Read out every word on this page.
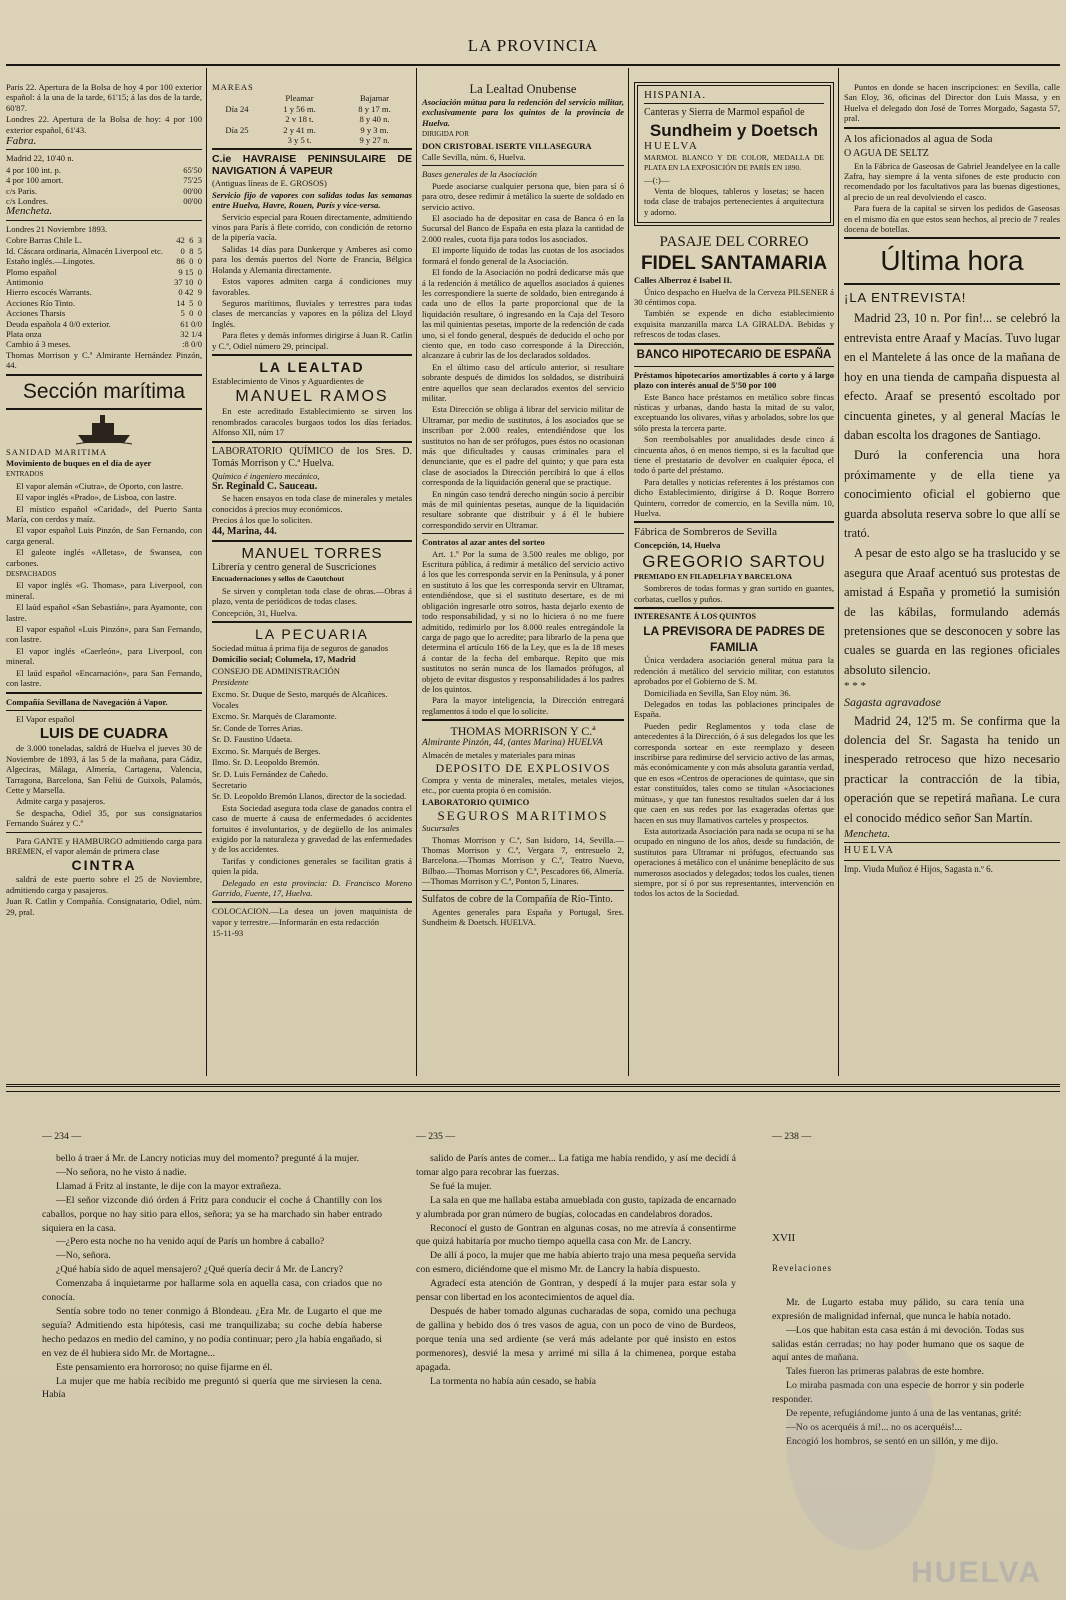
LA PROVINCIA

Paris 22. Apertura de la Bolsa de hoy 4 por 100 exterior español: á la una de la tarde, 61'15; á las dos de la tarde, 60'87.

Londres 22. Apertura de la Bolsa de hoy: 4 por 100 exterior español, 61'43.

Fabra.

Madrid 22, 10'40 n.

4 por 100 int. p.	65'50
4 por 100 amort.	75'25
c/s Paris.	00'00
c/s Londres.	00'00

Mencheta.

Londres 21 Noviembre 1893.

Cobre Barras Chile L.	42  6  3
Id. Cáscara ordinaria, Almacén Liverpool etc. 0  8  5
Estaño inglés.—Lingotes.	86  0  0
Plomo español	9 15  0
Antimonio	37 10  0
Hierro escocés Warrants.	0 42  9
Acciones Río Tinto.	14  5  0
Acciones Tharsis	5  0  0
Deuda española 4 0/0 exterior.	61 0/0
Plata onza	32 1/4
Cambio á 3 meses.	:8 0/0

Thomas Morrison y C.ª Almirante Hernández Pinzón, 44.

Sección marítima

SANIDAD MARITIMA

Movimiento de buques en el día de ayer

ENTRADOS

El vapor alemán «Ciutra», de Oporto, con lastre.

El vapor inglés «Prado», de Lisboa, con lastre.

El místico español «Caridad», del Puerto Santa María, con cerdos y maíz.

El vapor español Luis Pinzón, de San Fernando, con carga general.

El galeote inglés «Alletas», de Swansea, con carbones.

DESPACHADOS

El vapor inglés «G. Thomas», para Liverpool, con mineral.

El laúd español «San Sebastián», para Ayamonte, con lastre.

El vapor español «Luis Pinzón», para San Fernando, con lastre.

El vapor inglés «Caerleón», para Liverpool, con mineral.

El laúd español «Encarnación», para San Fernando, con lastre.

Compañía Sevillana de Navegación á Vapor.

El Vapor español

LUIS DE CUADRA

de 3.000 toneladas, saldrá de Huelva el jueves 30 de Noviembre de 1893, á las 5 de la mañana, para Cádiz, Algeciras, Málaga, Almería, Cartagena, Valencia, Tarragona, Barcelona, San Feliú de Guixols, Palamós, Cette y Marsella.

Admite carga y pasajeros.

Se despacha, Odiel 35, por sus consignatarios Fernando Suárez y C.ª

Para GANTE y HAMBURGO admitiendo carga para BREMEN, el vapor alemán de primera clase

CINTRA

saldrá de este puerto sobre el 25 de Noviembre, admitiendo carga y pasajeros.

Juan R. Catlin y Compañía. Consignatario, Odiel, núm. 29, pral.

MAREAS

Pleamar	Bajamar
Día 24	1 y 56 m.	8 y 17 m.
2 v 18 t.	8 y 40 n.
Día 25	2 y 41 m.	9 y 3 m.
3 y 5 t.	9 y 27 n.

C.ie HAVRAISE PENINSULAIRE DE NAVIGATION Á VAPEUR

(Antiguas líneas de E. GROSOS)

Servicio fijo de vapores con salidas todas las semanas entre Huelva, Havre, Rouen, París y vice-versa.

Servicio especial para Rouen directamente, admitiendo vinos para París á flete corrido, con condición de retorno de la pipería vacía.

Salidas 14 días para Dunkerque y Amberes así como para los demás puertos del Norte de Francia, Bélgica Holanda y Alemania directamente.

Estos vapores admiten carga á condiciones muy favorables.

Seguros marítimos, fluviales y terrestres para todas clases de mercancías y vapores en la póliza del Lloyd Inglés.

Para fletes y demás informes dirigirse á Juan R. Catlin y C.ª, Odiel número 29, principal.

LA LEALTAD

Establecimiento de Vinos y Aguardientes de

MANUEL RAMOS

En este acreditado Establecimiento se sirven los renombrados caracoles burgaos todos los días feriados. Alfonso XII, núm 17

LABORATORIO QUÍMICO de los Sres. D. Tomás Morrison y C.ª Huelva.

Químico é ingeniero mecánico,

Sr. Reginald C. Sauceau.

Se hacen ensayos en toda clase de minerales y metales conocidos á precios muy económicos.

Precios á los que lo soliciten.

44, Marina, 44.

MANUEL TORRES

Librería y centro general de Suscriciones

Encuadernaciones y sellos de Caoutchout

Se sirven y completan toda clase de obras.—Obras á plazo, venta de periódicos de todas clases.

Concepción, 31, Huelva.

LA PECUARIA

Sociedad mútua á prima fija de seguros de ganados

Domicilio social; Columela, 17, Madrid

CONSEJO DE ADMINISTRACIÓN

Presidente

Excmo. Sr. Duque de Sesto, marqués de Alcañices.

Vocales

Excmo. Sr. Marqués de Claramonte.

Sr. Conde de Torres Arias.

Sr. D. Faustino Udaeta.

Excmo. Sr. Marqués de Berges.

Ilmo. Sr. D. Leopoldo Bremón.

Sr. D. Luis Fernández de Cañedo.

Secretario

Sr. D. Leopoldo Bremón Llanos, director de la sociedad.

Esta Sociedad asegura toda clase de ganados contra el caso de muerte á causa de enfermedades ó accidentes fortuitos é involuntarios, y de degüello de los animales exigido por la naturaleza y gravedad de las enfermedades y de los accidentes.

Tarifas y condiciones generales se facilitan gratis á quien la pida.

Delegado en esta provincia: D. Francisco Moreno Garrido, Fuente, 17, Huelva.

COLOCACION.—La desea un joven maquinista de vapor y terrestre.—Informarán en esta redacción

15-11-93

La Lealtad Onubense

Asociación mútua para la redención del servicio militar, exclusivamente para los quintos de la provincia de Huelva.

DIRIGIDA POR

DON CRISTOBAL ISERTE VILLASEGURA

Calle Sevilla, núm. 6, Huelva.

Bases generales de la Asociación

Puede asociarse cualquier persona que, bien para sí ó para otro, desee redimir á metálico la suerte de soldado en servicio activo.

El asociado ha de depositar en casa de Banca ó en la Sucursal del Banco de España en esta plaza la cantidad de 2.000 reales, cuota fija para todos los asociados.

El importe líquido de todas las cuotas de los asociados formará el fondo general de la Asociación.

El fondo de la Asociación no podrá dedicarse más que á la redención á metálico de aquellos asociados á quienes les correspondiere la suerte de soldado, bien entregando á cada uno de ellos la parte proporcional que de la liquidación resultare, ó ingresando en la Caja del Tesoro las mil quinientas pesetas, importe de la redención de cada uno, si el fondo general, después de deducido el ocho por ciento que, en todo caso corresponde á la Dirección, alcanzare á cubrir las de los declarados soldados.

En el último caso del artículo anterior, si resultare sobrante después de dimidos los soldados, se distribuirá entre aquellos que sean declarados exentos del servicio militar.

Esta Dirección se obliga á librar del servicio militar de Ultramar, por medio de sustitutos, á los asociados que se inscriban por 2.000 reales, entendiéndose que los sustitutos no han de ser prófugos, pues éstos no ocasionan más que dificultades y causas criminales para el denunciante, que es el padre del quinto; y que para esta clase de asociados la Dirección percibirá lo que á ellos corresponda de la liquidación general que se practique.

En ningún caso tendrá derecho ningún socio á percibir más de mil quinientas pesetas, aunque de la liquidación resultare sobrante que distribuir y á él le hubiere correspondido servir en Ultramar.

Contratos al azar antes del sorteo

Art. 1.º Por la suma de 3.500 reales me obligo, por Escritura pública, á redimir á metálico del servicio activo á los que les corresponda servir en la Península, y á poner en sustituto á los que les corresponda servir en Ultramar, entendiéndose, que si el sustituto desertare, es de mi obligación ingresarle otro sotros, hasta dejarlo exento de todo responsabilidad, y si no lo hiciera ó no me fuere admitido, redimirlo por los 8.000 reales entregándole la carga de pago que lo acredite; para librarlo de la pena que determina el artículo 166 de la Ley, que es la de 18 meses á contar de la fecha del embarque. Repito que mis sustitutos no serán nunca de los llamados prófugos, al objeto de evitar disgustos y responsabilidades á los padres de los quintos.

Para la mayor inteligencia, la Dirección entregará reglamentos á todo el que lo solicite.

THOMAS MORRISON Y C.ª

Almirante Pinzón, 44, (antes Marina) HUELVA

Almacén de metales y materiales para minas

DEPOSITO DE EXPLOSIVOS

Compra y venta de minerales, metales, metales viejos, etc., por cuenta propia ó en comisión.

LABORATORIO QUIMICO

SEGUROS MARITIMOS

Sucursales

Thomas Morrison y C.ª, San Isidoro, 14, Sevilla.—Thomas Morrison y C.ª, Vergara 7, entresuelo 2, Barcelona.—Thomas Morrison y C.ª, Teatro Nuevo, Bilbao.—Thomas Morrison y C.ª, Pescadores 66, Almería.—Thomas Morrison y C.ª, Ponton 5, Linares.

Sulfatos de cobre de la Compañía de Río-Tinto.

Agentes generales para España y Portugal, Sres. Sundheim & Doetsch. HUELVA.

HISPANIA.

Canteras y Sierra de Marmol español de

Sundheim y Doetsch

HUELVA

MARMOL BLANCO Y DE COLOR, MEDALLA DE PLATA EN LA EXPOSICIÓN DE PARÍS EN 1890.

—(:)—

Venta de bloques, tableros y losetas; se hacen toda clase de trabajos pertenecientes á arquitectura y adorno.

PASAJE DEL CORREO
FIDEL SANTAMARIA

Calles Alberroz é Isabel II.

Único despacho en Huelva de la Cerveza PILSENER á 30 céntimos copa.

También se expende en dicho establecimiento exquisita manzanilla marca LA GIRALDA. Bebidas y refrescos de todas clases.

BANCO HIPOTECARIO DE ESPAÑA

Préstamos hipotecarios amortizables á corto y á largo plazo con interés anual de 5'50 por 100

Este Banco hace préstamos en metálico sobre fincas rústicas y urbanas, dando hasta la mitad de su valor, exceptuando los olivares, viñas y arbolados, sobre los que sólo presta la tercera parte.

Son reembolsables por anualidades desde cinco á cincuenta años, ó en menos tiempo, si es la facultad que tiene el prestatario de devolver en cualquier época, el todo ó parte del préstamo.

Para detalles y noticias referentes á los préstamos con dicho Establecimiento, dirígirse á D. Roque Borrero Quintero, corredor de comercio, en la Sevilla núm. 10, Huelva.

Fábrica de Sombreros de Sevilla

Concepción, 14, Huelva

GREGORIO SARTOU

PREMIADO EN FILADELFIA Y BARCELONA

Sombreros de todas formas y gran surtido en guantes, corbatas, cuellos y puños.

INTERESANTE Á LOS QUINTOS

LA PREVISORA DE PADRES DE FAMILIA

Única verdadera asociación general mútua para la redención á metálico del servicio militar, con estatutos aprobados por el Gobierno de S. M.

Domiciliada en Sevilla, San Eloy núm. 36.

Delegados en todas las poblaciones principales de España.

Pueden pedir Reglamentos y toda clase de antecedentes á la Dirección, ó á sus delegados los que les corresponda sortear en este reemplazo y deseen inscribirse para redimirse del servicio activo de las armas, más económicamente y con más absoluta garantía verdad, que en esos «Centros de operaciones de quintas», que sin estar constituídos, tales como se titulan «Asociaciones mútuas», y que tan funestos resultados suelen dar á los que caen en sus redes por las exageradas ofertas que hacen en sus muy llamativos carteles y prospectos.

Esta autorizada Asociación para nada se ocupa ni se ha ocupado en ninguno de los años, desde su fundación, de sustitutos para Ultramar ni prófugos, efectuando sus operaciones á metálico con el unánime beneplácito de sus numerosos asociados y delegados; todos los cuales, tienen siempre, por sí ó por sus representantes, intervención en todos los actos de la Sociedad.

Puntos en donde se hacen inscripciones: en Sevilla, calle San Eloy, 36, oficinas del Director don Luis Massa, y en Huelva el delegado don José de Torres Morgado, Sagasta 57, pral.

A los aficionados al agua de Soda

O AGUA DE SELTZ

En la Fábrica de Gaseosas de Gabriel Jeandelyee en la calle Zafra, hay siempre á la venta sifones de este producto con recomendado por los facultativos para las buenas digestiones, al precio de un real devolviendo el casco.

Para fuera de la capital se sirven los pedidos de Gaseosas en el mismo día en que estos sean hechos, al precio de 7 reales docena de botellas.

Última hora

¡LA ENTREVISTA!

Madrid 23, 10 n. Por fin!... se celebró la entrevista entre Araaf y Macías. Tuvo lugar en el Mantelete á las once de la mañana de hoy en una tienda de campaña dispuesta al efecto. Araaf se presentó escoltado por cincuenta ginetes, y al general Macías le daban escolta los dragones de Santiago.

Duró la conferencia una hora próximamente y de ella tiene ya conocimiento oficial el gobierno que guarda absoluta reserva sobre lo que allí se trató.

A pesar de esto algo se ha traslucido y se asegura que Araaf acentuó sus protestas de amistad á España y prometió la sumisión de las kábilas, formulando además pretensiones que se desconocen y sobre las cuales se guarda en las regiones oficiales absoluto silencio.

* * *

Sagasta agravadose

Madrid 24, 12'5 m. Se confirma que la dolencia del Sr. Sagasta ha tenido un inesperado retroceso que hizo necesario practicar la contracción de la tibia, operación que se repetirá mañana. Le cura el conocido médico señor San Martín.

Mencheta.

HUELVA

Imp. Viuda Muñoz é Hijos, Sagasta n.º 6.

— 234 —

bello á traer á Mr. de Lancry noticias muy del momento? pregunté á la mujer.

—No señora, no he visto á nadie.

Llamad á Fritz al instante, le dije con la mayor extrañeza.

—El señor vizconde dió órden á Fritz para conducir el coche á Chantilly con los caballos, porque no hay sitio para ellos, señora; ya se ha marchado sin haber entrado siquiera en la casa.

—¿Pero esta noche no ha venido aquí de París un hombre á caballo?

—No, señora.

¿Qué había sido de aquel mensajero? ¿Qué quería decir á Mr. de Lancry?

Comenzaba á inquietarme por hallarme sola en aquella casa, con criados que no conocía.

Sentía sobre todo no tener conmigo á Blondeau. ¿Era Mr. de Lugarto el que me seguía? Admitiendo esta hipótesis, casi me tranquilizaba; su coche debía haberse hecho pedazos en medio del camino, y no podía continuar; pero ¿la había engañado, si en vez de él hubiera sido Mr. de Mortagne...

Este pensamiento era horroroso; no quise fijarme en él.

La mujer que me había recibido me preguntó si quería que me sirviesen la cena. Había

— 235 —

salido de París antes de comer... La fatiga me había rendido, y así me decidí á tomar algo para recobrar las fuerzas.

Se fué la mujer.

La sala en que me hallaba estaba amueblada con gusto, tapizada de encarnado y alumbrada por gran número de bugías, colocadas en candelabros dorados.

Reconocí el gusto de Gontran en algunas cosas, no me atrevía á consentirme que quizá habitaría por mucho tiempo aquella casa con Mr. de Lancry.

De allí á poco, la mujer que me había abierto trajo una mesa pequeña servida con esmero, diciéndome que el mismo Mr. de Lancry la había dispuesto.

Agradecí esta atención de Gontran, y despedí á la mujer para estar sola y pensar con libertad en los acontecimientos de aquel día.

Después de haber tomado algunas cucharadas de sopa, comido una pechuga de gallina y bebido dos ó tres vasos de agua, con un poco de vino de Burdeos, porque tenía una sed ardiente (se verá más adelante por qué insisto en estos pormenores), desvié la mesa y arrimé mi silla á la chimenea, porque estaba apagada.

La tormenta no había aún cesado, se había

— 238 —

XVII

Revelaciones

Mr. de Lugarto estaba muy pálido, su cara tenía una expresión de malignidad infernal, que nunca le había notado.

—Los que habitan esta casa están á mi devoción. Todas sus salidas están cerradas; no hay poder humano que os saque de aquí antes de mañana.

Tales fueron las primeras palabras de este hombre.

Lo miraba pasmada con una especie de horror y sin poderle responder.

De repente, refugiándome junto á una de las ventanas, grité:

—No os acerquéis á mí!... no os acerquéis!...

Encogió los hombros, se sentó en un sillón, y me dijo.

HUELVA
